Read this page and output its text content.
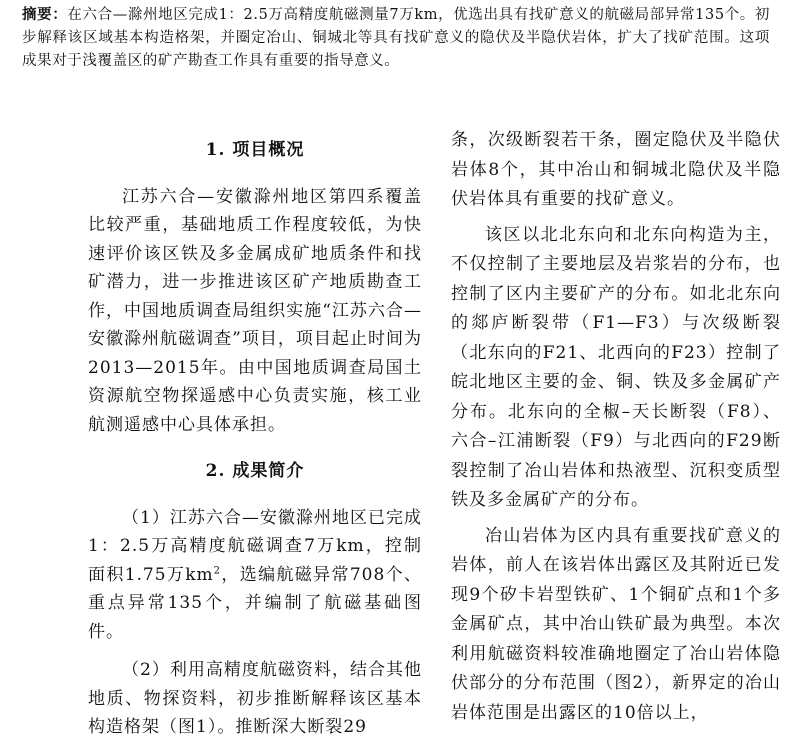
摘要：在六合—滁州地区完成1：2.5万高精度航磁测量7万km，优选出具有找矿意义的航磁局部异常135个。初步解释该区域基本构造格架，并圈定冶山、铜城北等具有找矿意义的隐伏及半隐伏岩体，扩大了找矿范围。这项成果对于浅覆盖区的矿产勘查工作具有重要的指导意义。
1. 项目概况

江苏六合—安徽滁州地区第四系覆盖比较严重，基础地质工作程度较低，为快速评价该区铁及多金属成矿地质条件和找矿潜力，进一步推进该区矿产地质勘查工作，中国地质调查局组织实施“江苏六合—安徽滁州航磁调查”项目，项目起止时间为2013—2015年。由中国地质调查局国土资源航空物探遥感中心负责实施，核工业航测遥感中心具体承担。

2. 成果简介

（1）江苏六合—安徽滁州地区已完成1：2.5万高精度航磁调查7万km，控制面积1.75万$km^2$，选编航磁异常708个、重点异常135个，并编制了航磁基础图件。

（2）利用高精度航磁资料，结合其他地质、物探资料，初步推断解释该区基本构造格架（图1）。推断深大断裂29

条，次级断裂若干条，圈定隐伏及半隐伏岩体8个，其中冶山和铜城北隐伏及半隐伏岩体具有重要的找矿意义。

该区以北北东向和北东向构造为主，不仅控制了主要地层及岩浆岩的分布，也控制了区内主要矿产的分布。如北北东向的郯庐断裂带（F1—F3）与次级断裂（北东向的F21、北西向的F23）控制了皖北地区主要的金、铜、铁及多金属矿产分布。北东向的全椒–天长断裂（F8）、六合–江浦断裂（F9）与北西向的F29断裂控制了冶山岩体和热液型、沉积变质型铁及多金属矿产的分布。

冶山岩体为区内具有重要找矿意义的岩体，前人在该岩体出露区及其附近已发现9个矽卡岩型铁矿、1个铜矿点和1个多金属矿点，其中冶山铁矿最为典型。本次利用航磁资料较准确地圈定了冶山岩体隐伏部分的分布范围（图2），新界定的冶山岩体范围是出露区的10倍以上，
